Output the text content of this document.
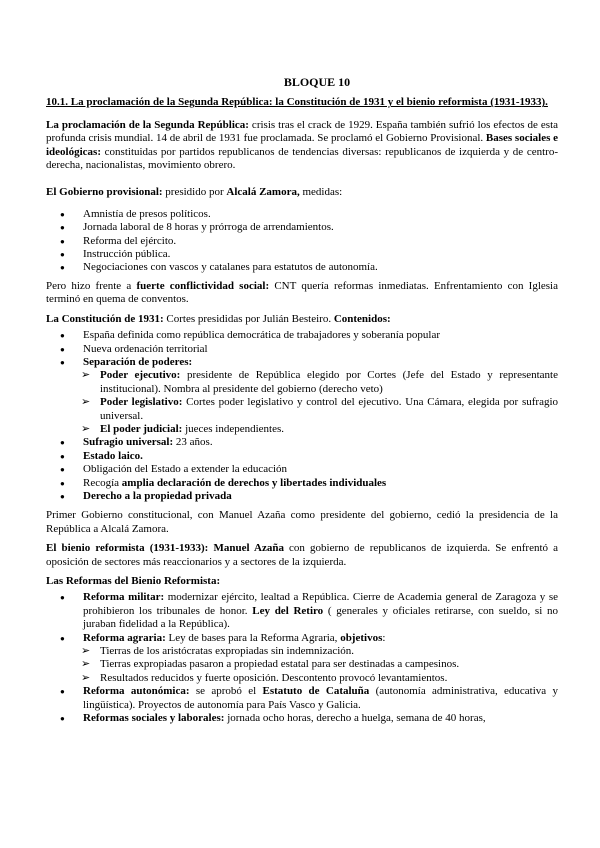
BLOQUE 10
10.1. La proclamación de la Segunda República: la Constitución de 1931 y el bienio reformista (1931-1933).

La proclamación de la Segunda República: crisis tras el crack de 1929. España también sufrió los efectos de esta profunda crisis mundial. 14 de abril de 1931 fue proclamada. Se proclamó el Gobierno Provisional. Bases sociales e ideológicas: constituidas por partidos republicanos de tendencias diversas: republicanos de izquierda y de centro-derecha, nacionalistas, movimiento obrero.

El Gobierno provisional: presidido por Alcalá Zamora, medidas:

● Amnistía de presos políticos.
● Jornada laboral de 8 horas y prórroga de arrendamientos.
● Reforma del ejército.
● Instrucción pública.
● Negociaciones con vascos y catalanes para estatutos de autonomía.

Pero hizo frente a fuerte conflictividad social: CNT quería reformas inmediatas. Enfrentamiento con Iglesia terminó en quema de conventos.

La Constitución de 1931: Cortes presididas por Julián Besteiro. Contenidos:

● España definida como república democrática de trabajadores y soberanía popular
● Nueva ordenación territorial
● Separación de poderes:
➢ Poder ejecutivo: presidente de República elegido por Cortes (Jefe del Estado y representante institucional). Nombra al presidente del gobierno (derecho veto)
➢ Poder legislativo: Cortes poder legislativo y control del ejecutivo. Una Cámara, elegida por sufragio universal.
➢ El poder judicial: jueces independientes.
● Sufragio universal: 23 años.
● Estado laico.
● Obligación del Estado a extender la educación
● Recogía amplia declaración de derechos y libertades individuales
● Derecho a la propiedad privada

Primer Gobierno constitucional, con Manuel Azaña como presidente del gobierno, cedió la presidencia de la República a Alcalá Zamora.

El bienio reformista (1931-1933): Manuel Azaña con gobierno de republicanos de izquierda. Se enfrentó a oposición de sectores más reaccionarios y a sectores de la izquierda.

Las Reformas del Bienio Reformista:

● Reforma militar: modernizar ejército, lealtad a República. Cierre de Academia general de Zaragoza y se prohibieron los tribunales de honor. Ley del Retiro ( generales y oficiales retirarse, con sueldo, si no juraban fidelidad a la República).
● Reforma agraria: Ley de bases para la Reforma Agraria, objetivos:
➢ Tierras de los aristócratas expropiadas sin indemnización.
➢ Tierras expropiadas pasaron a propiedad estatal para ser destinadas a campesinos.
➢ Resultados reducidos y fuerte oposición. Descontento provocó levantamientos.
● Reforma autonómica: se aprobó el Estatuto de Cataluña (autonomía administrativa, educativa y lingüística). Proyectos de autonomía para País Vasco y Galicia.
● Reformas sociales y laborales: jornada ocho horas, derecho a huelga, semana de 40 horas,
